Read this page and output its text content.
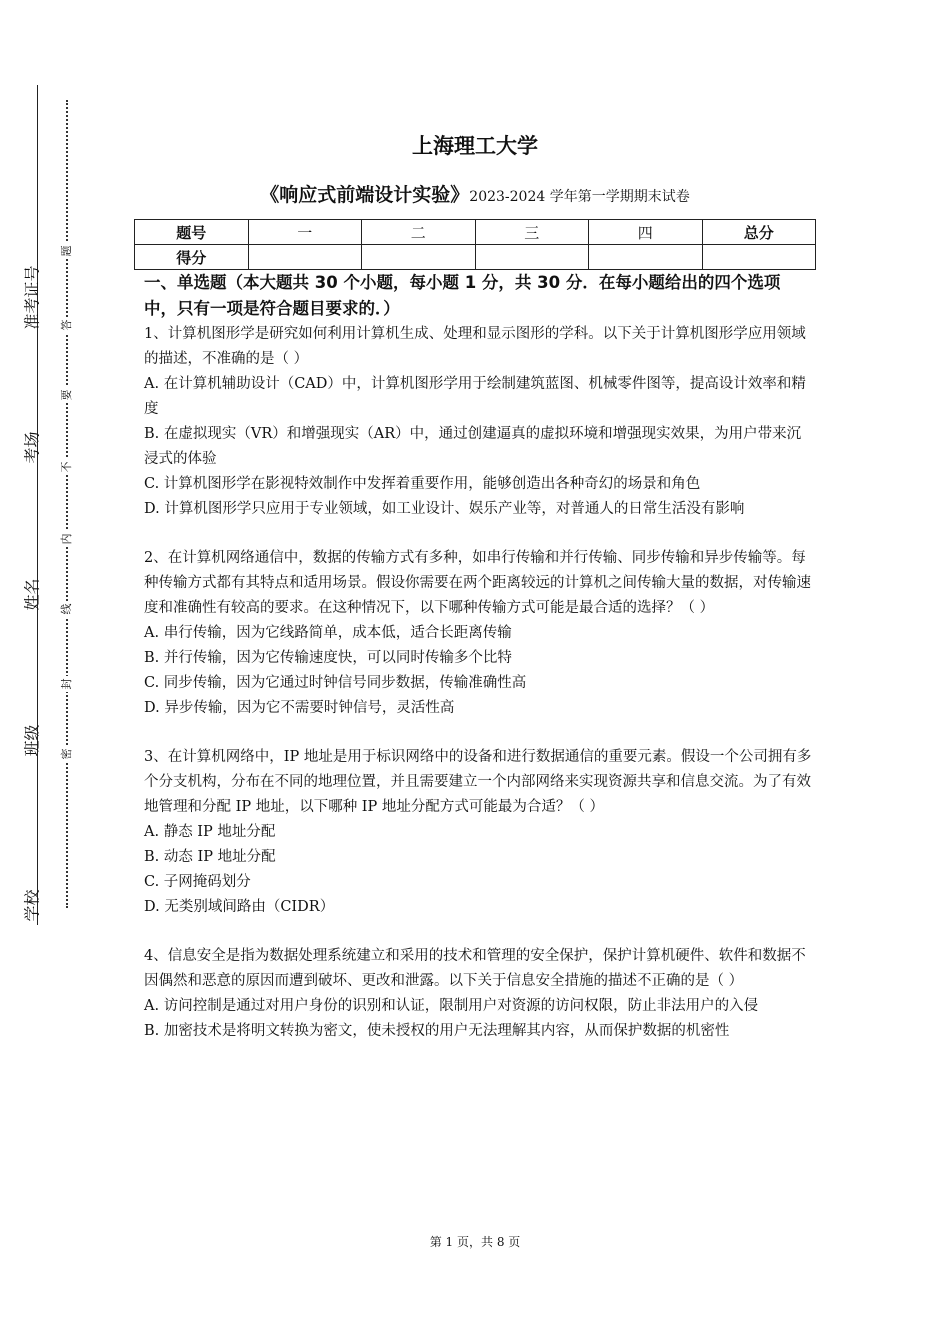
学校
班级
姓名
考场
准考证号
密
封
线
内
不
要
答
题
上海理工大学
《响应式前端设计实验》2023-2024 学年第一学期期末试卷
题号	一	二	三	四	总分
得分					
一、单选题（本大题共 30 个小题，每小题 1 分，共 30 分．在每小题给出的四个选项中，只有一项是符合题目要求的．）

1、计算机图形学是研究如何利用计算机生成、处理和显示图形的学科。以下关于计算机图形学应用领域的描述，不准确的是（ ）

A. 在计算机辅助设计（CAD）中，计算机图形学用于绘制建筑蓝图、机械零件图等，提高设计效率和精度

B. 在虚拟现实（VR）和增强现实（AR）中，通过创建逼真的虚拟环境和增强现实效果，为用户带来沉浸式的体验

C. 计算机图形学在影视特效制作中发挥着重要作用，能够创造出各种奇幻的场景和角色

D. 计算机图形学只应用于专业领域，如工业设计、娱乐产业等，对普通人的日常生活没有影响

2、在计算机网络通信中，数据的传输方式有多种，如串行传输和并行传输、同步传输和异步传输等。每种传输方式都有其特点和适用场景。假设你需要在两个距离较远的计算机之间传输大量的数据，对传输速度和准确性有较高的要求。在这种情况下，以下哪种传输方式可能是最合适的选择？（ ）

A. 串行传输，因为它线路简单，成本低，适合长距离传输

B. 并行传输，因为它传输速度快，可以同时传输多个比特

C. 同步传输，因为它通过时钟信号同步数据，传输准确性高

D. 异步传输，因为它不需要时钟信号，灵活性高

3、在计算机网络中，IP 地址是用于标识网络中的设备和进行数据通信的重要元素。假设一个公司拥有多个分支机构，分布在不同的地理位置，并且需要建立一个内部网络来实现资源共享和信息交流。为了有效地管理和分配 IP 地址，以下哪种 IP 地址分配方式可能最为合适？（ ）

A. 静态 IP 地址分配

B. 动态 IP 地址分配

C. 子网掩码划分

D. 无类别域间路由（CIDR）

4、信息安全是指为数据处理系统建立和采用的技术和管理的安全保护，保护计算机硬件、软件和数据不因偶然和恶意的原因而遭到破坏、更改和泄露。以下关于信息安全措施的描述不正确的是（ ）

A. 访问控制是通过对用户身份的识别和认证，限制用户对资源的访问权限，防止非法用户的入侵

B. 加密技术是将明文转换为密文，使未授权的用户无法理解其内容，从而保护数据的机密性

第 1 页，共 8 页
